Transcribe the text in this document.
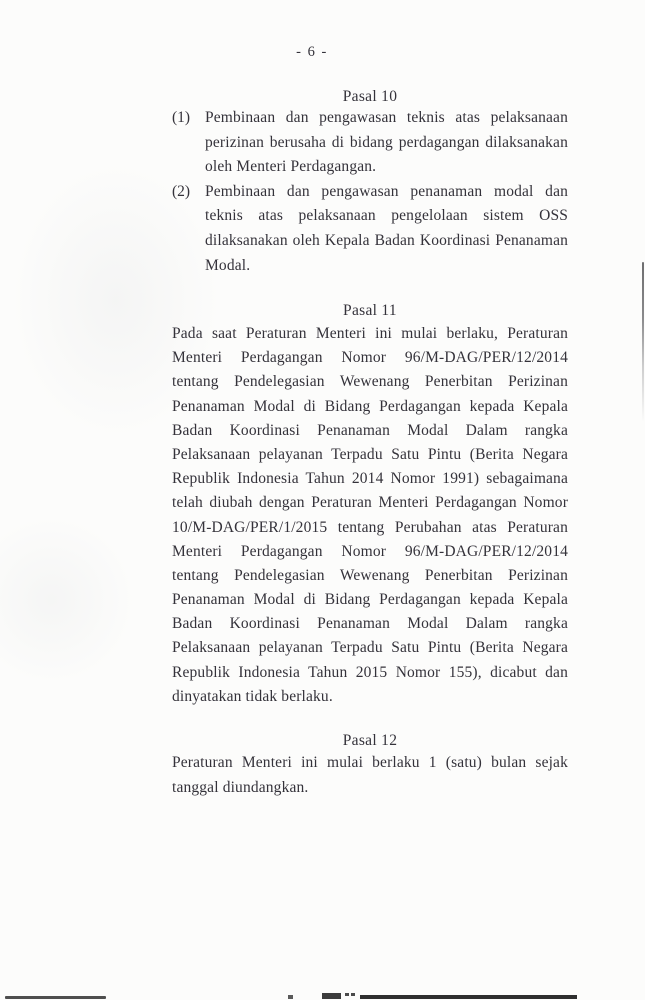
- 6 -
Pasal 10
(1) Pembinaan dan pengawasan teknis atas pelaksanaan
perizinan berusaha di bidang perdagangan dilaksanakan
oleh Menteri Perdagangan.
(2) Pembinaan dan pengawasan penanaman modal dan
teknis atas pelaksanaan pengelolaan sistem OSS
dilaksanakan oleh Kepala Badan Koordinasi Penanaman
Modal.
Pasal 11
Pada saat Peraturan Menteri ini mulai berlaku, Peraturan
Menteri Perdagangan Nomor 96/M-DAG/PER/12/2014
tentang Pendelegasian Wewenang Penerbitan Perizinan
Penanaman Modal di Bidang Perdagangan kepada Kepala
Badan Koordinasi Penanaman Modal Dalam rangka
Pelaksanaan pelayanan Terpadu Satu Pintu (Berita Negara
Republik Indonesia Tahun 2014 Nomor 1991) sebagaimana
telah diubah dengan Peraturan Menteri Perdagangan Nomor
10/M-DAG/PER/1/2015 tentang Perubahan atas Peraturan
Menteri Perdagangan Nomor 96/M-DAG/PER/12/2014
tentang Pendelegasian Wewenang Penerbitan Perizinan
Penanaman Modal di Bidang Perdagangan kepada Kepala
Badan Koordinasi Penanaman Modal Dalam rangka
Pelaksanaan pelayanan Terpadu Satu Pintu (Berita Negara
Republik Indonesia Tahun 2015 Nomor 155), dicabut dan
dinyatakan tidak berlaku.
Pasal 12
Peraturan Menteri ini mulai berlaku 1 (satu) bulan sejak
tanggal diundangkan.
